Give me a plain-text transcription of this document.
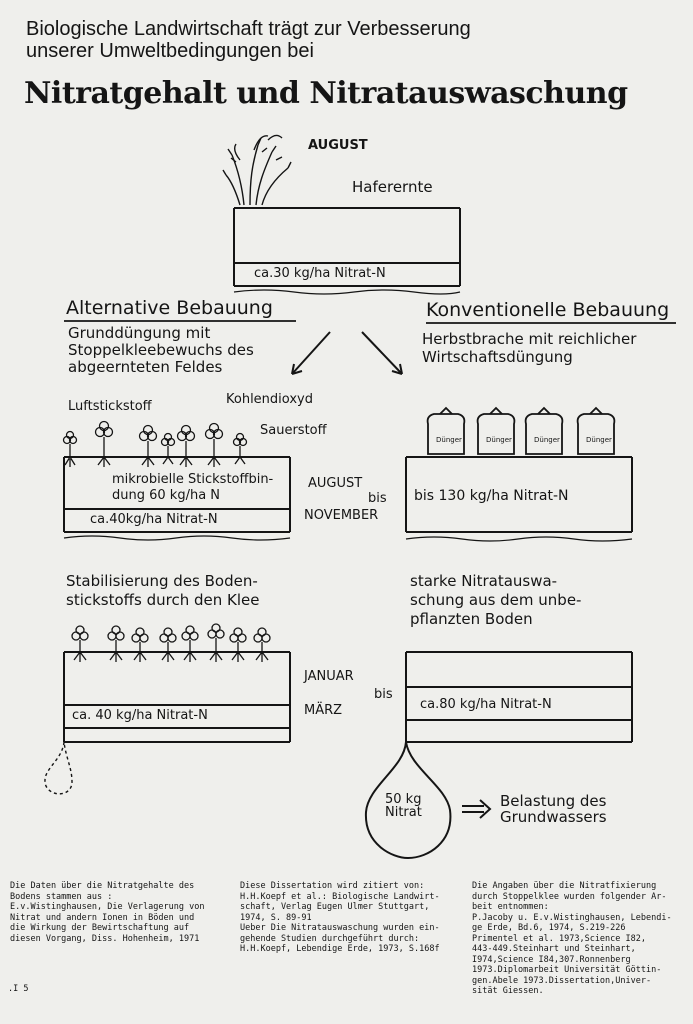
Biologische Landwirtschaft trägt zur Verbesserung
unserer Umweltbedingungen bei
Nitratgehalt und Nitratauswaschung
AUGUST
Haferernte
ca.30 kg/ha Nitrat-N
Alternative Bebauung
Grunddüngung mit
Stoppelkleebewuchs des
abgeernteten Feldes
Konventionelle Bebauung
Herbstbrache mit reichlicher
Wirtschaftsdüngung
Luftstickstoff	Kohlendioxyd
Sauerstoff
mikrobielle Stickstoffbin-
dung 60 kg/ha N
ca.40kg/ha Nitrat-N
Dünger	Dünger	Dünger	Dünger
bis 130 kg/ha Nitrat-N
AUGUST
bis
NOVEMBER
Stabilisierung des Boden-
stickstoffs durch den Klee
starke Nitratauswa-
schung aus dem unbe-
pflanzten Boden
JANUAR
bis
MÄRZ
ca. 40 kg/ha Nitrat-N
ca.80 kg/ha Nitrat-N
50 kg
Nitrat
Belastung des
Grundwassers
Die Daten über die Nitratgehalte des
Bodens stammen aus :
E.v.Wistinghausen, Die Verlagerung von
Nitrat und andern Ionen in Böden und
die Wirkung der Bewirtschaftung auf
diesen Vorgang, Diss. Hohenheim, 1971
Diese Dissertation wird zitiert von:
H.H.Koepf et al.: Biologische Landwirt-
schaft, Verlag Eugen Ulmer Stuttgart,
1974, S. 89-91
Ueber Die Nitratauswaschung wurden ein-
gehende Studien durchgeführt durch:
H.H.Koepf, Lebendige Erde, 1973, S.168f
Die Angaben über die Nitratfixierung
durch Stoppelklee wurden folgender Ar-
beit entnommen:
P.Jacoby u. E.v.Wistinghausen, Lebendi-
ge Erde, Bd.6, 1974, S.219-226
Primentel et al. 1973,Science I82,
443-449.Steinhart und Steinhart,
I974,Science I84,307.Ronnenberg
1973.Diplomarbeit Universität Göttin-
gen.Abele 1973.Dissertation,Univer-
sität Giessen.
.I 5
